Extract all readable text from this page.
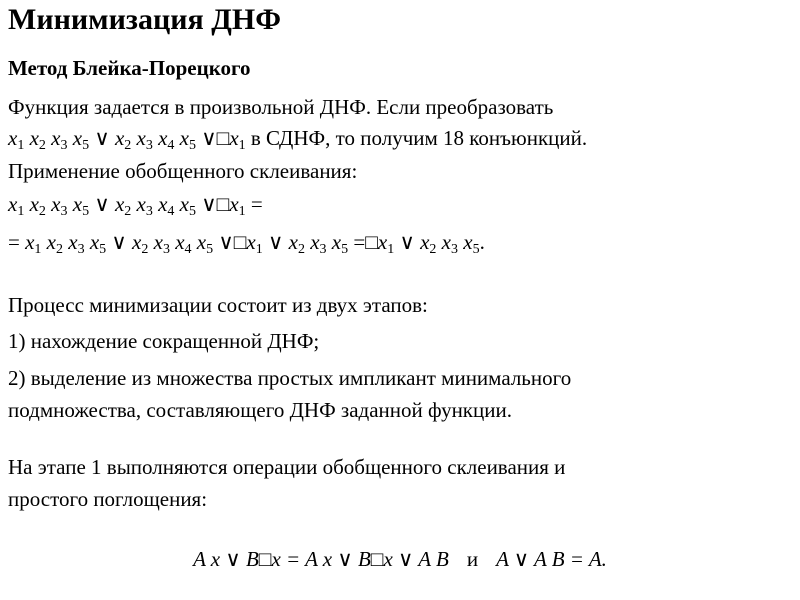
Минимизация ДНФ
Метод Блейка-Порецкого
Функция задается в произвольной ДНФ. Если преобразовать
$x_1$ $x_2$ $x_3$ $x_5$ ∨ $x_2$ $x_3$ $x_4$ $x_5$ $\vee□x_1$ в СДНФ, то получим 18 конъюнкций.
Применение обобщенного склеивания:
$x_1$ $x_2$ $x_3$ $x_5$ ∨ $x_2$ $x_3$ $x_4$ $x_5$ $\vee□x_1$ =
= $x_1$ $x_2$ $x_3$ $x_5$ ∨ $x_2$ $x_3$ $x_4$ $x_5$ $\vee□x_1$ ∨ $x_2$ $x_3$ $x_5$ $=□x_1$ ∨ $x_2$ $x_3$ $x_5$.
Процесс минимизации состоит из двух этапов:
1) нахождение сокращенной ДНФ;
2) выделение из множества простых импликант минимального
подмножества, составляющего ДНФ заданной функции.
На этапе 1 выполняются операции обобщенного склеивания и
простого поглощения:
A x ∨ B□x = A x ∨ B□x ∨ A B и A ∨ A B = A.
